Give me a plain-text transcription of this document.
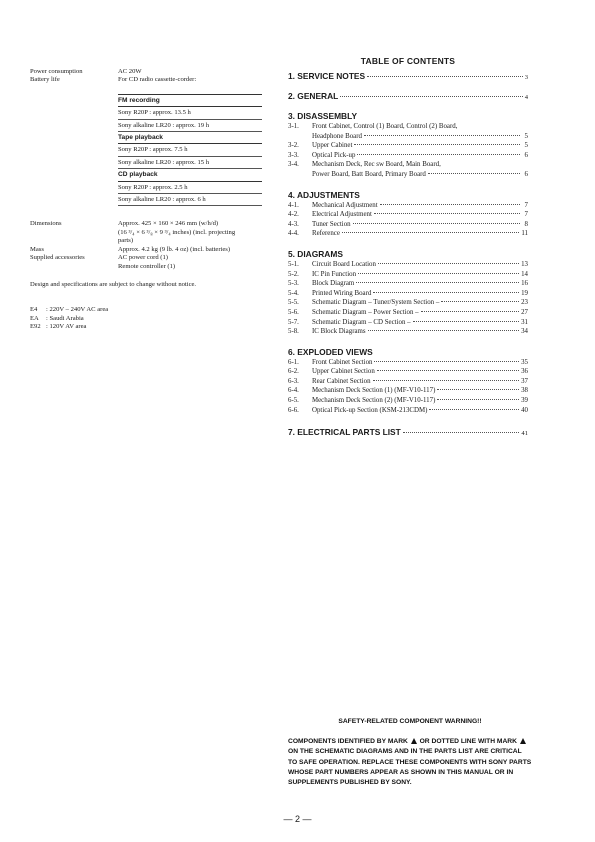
Power consumption	AC 20W
Battery life	For CD radio cassette-corder:
FM recording
Sony R20P : approx. 13.5 h
Sony alkaline LR20 : approx. 19 h
Tape playback
Sony R20P : approx. 7.5 h
Sony alkaline LR20 : approx. 15 h
CD playback
Sony R20P : approx. 2.5 h
Sony alkaline LR20 : approx. 6 h
Dimensions	Approx. 425 × 160 × 246 mm (w/h/d)
(16 ³/₄ × 6 ³/₈ × 9 ³/₄ inches) (incl. projecting
parts)
Mass	Approx. 4.2 kg (9 lb. 4 oz) (incl. batteries)
Supplied accessories	AC power cord (1)
Remote controller (1)
Design and specifications are subject to change without notice.
E4	: 220V – 240V AC area
EA	: Saudi Arabia
E92 : 120V AV area
TABLE OF CONTENTS
1. SERVICE NOTES	3
2. GENERAL	4
3. DISASSEMBLY
3-1. Front Cabinet, Control (1) Board, Control (2) Board,
Headphone Board	5
3-2.	Upper Cabinet	5
3-3.	Optical Pick-up	6
3-4. Mechanism Deck, Rec sw Board, Main Board,
Power Board, Batt Board, Primary Board	6
4. ADJUSTMENTS
4-1.	Mechanical Adjustment	7
4-2.	Electrical Adjustment	7
4-3.	Tuner Section	8
4-4.	Reference	11
5. DIAGRAMS
5-1.	Circuit Board Location	13
5-2.	IC Pin Function	14
5-3.	Block Diagram	16
5-4.	Printed Wiring Board	19
5-5.	Schematic Diagram – Tuner/System Section –	23
5-6.	Schematic Diagram – Power Section –	27
5-7.	Schematic Diagram – CD Section –	31
5-8.	IC Block Diagrams	34
6. EXPLODED VIEWS
6-1.	Front Cabinet Section	35
6-2.	Upper Cabinet Section	36
6-3.	Rear Cabinet Section	37
6-4.	Mechanism Deck Section (1) (MF-V10-117)	38
6-5.	Mechanism Deck Section (2) (MF-V10-117)	39
6-6.	Optical Pick-up Section (KSM-213CDM)	40
7. ELECTRICAL PARTS LIST	41
SAFETY-RELATED COMPONENT WARNING!!
COMPONENTS IDENTIFIED BY MARK OR DOTTED LINE WITH MARK  ON THE SCHEMATIC DIAGRAMS AND IN THE PARTS LIST ARE CRITICAL TO SAFE OPERATION. REPLACE THESE COMPONENTS WITH SONY PARTS WHOSE PART NUMBERS APPEAR AS SHOWN IN THIS MANUAL OR IN SUPPLEMENTS PUBLISHED BY SONY.
— 2 —
